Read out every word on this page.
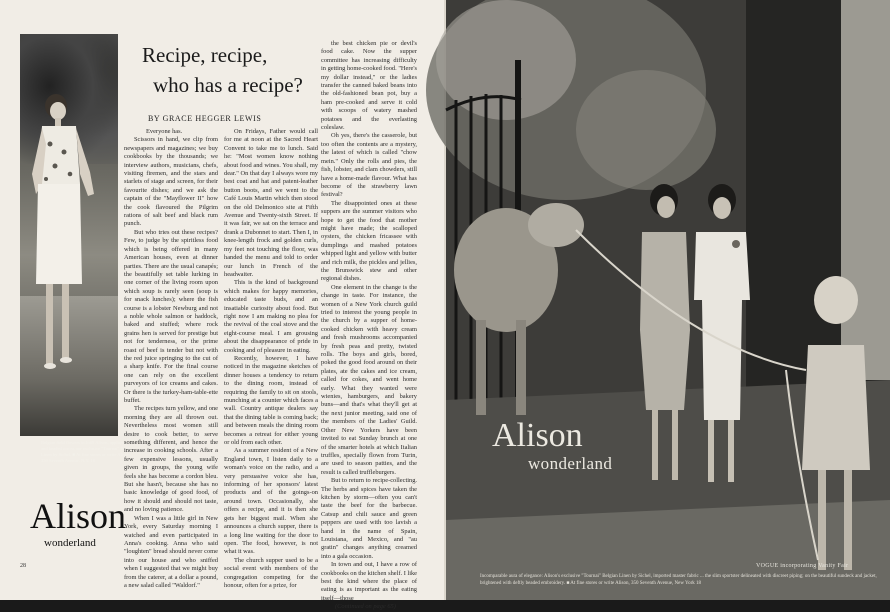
Belgian field flowers in Jo#8 Alison, appliquéd and beaded across our exclusive "Tournai" Belgian Linen by Sichel. ■ At fine stores or write Alison, 350 Seventh Avenue, N.Y. 18
Recipe, recipe,
who has a recipe?
BY GRACE HEGGER LEWIS

Everyone has.

Scissors in hand, we clip from newspapers and magazines; we buy cookbooks by the thousands; we interview authors, musicians, chefs, visiting firemen, and the stars and starlets of stage and screen, for their favourite dishes; and we ask the captain of the "Mayflower II" how the cook flavoured the Pilgrim rations of salt beef and black rum punch.

But who tries out these recipes? Few, to judge by the spiritless food which is being offered in many American houses, even at dinner parties. There are the usual canapés; the beautifully set table lurking in one corner of the living room upon which soup is rarely seen (soup is for snack lunches); where the fish course is a lobster Newburg and not a noble whole salmon or haddock, baked and stuffed; where rock grains hen is served for prestige but not for tenderness, or the prime roast of beef is tender but not with the red juice springing to the cut of a sharp knife. For the final course one can rely on the excellent purveyors of ice creams and cakes. Or there is the turkey-ham-table-ette buffet.

The recipes turn yellow, and one morning they are all thrown out. Nevertheless most women still desire to cook better, to serve something different, and hence the increase in cooking schools. After a few expensive lessons, usually given in groups, the young wife feels she has become a cordon bleu. But she hasn't, because she has no basic knowledge of good food, of how it should and should not taste, and no loving patience.

When I was a little girl in New York, every Saturday morning I watched and even participated in Anna's cooking. Anna who said "loughten" bread should never come into our house and who sniffed when I suggested that we might buy from the caterer, at a dollar a pound, a new salad called "Waldorf."

On Fridays, Father would call for me at noon at the Sacred Heart Convent to take me to lunch. Said he: "Most women know nothing about food and wines. You shall, my dear." On that day I always wore my best coat and hat and patent-leather button boots, and we went to the Café Louis Martin which then stood on the old Delmonico site at Fifth Avenue and Twenty-sixth Street. If it was fair, we sat on the terrace and drank a Dubonnet to start. Then I, in knee-length frock and golden curls, my feet not touching the floor, was handed the menu and told to order our lunch in French of the headwaiter.

This is the kind of background which makes for happy memories, educated taste buds, and an insatiable curiosity about food. But right now I am making no plea for the revival of the coal stove and the eight-course meal. I am grousing about the disappearance of pride in cooking and of pleasure in eating.

Recently, however, I have noticed in the magazine sketches of dinner houses a tendency to return to the dining room, instead of requiring the family to sit on stools, munching at a counter which faces a wall. Country antique dealers say that the dining table is coming back; and between meals the dining room becomes a retreat for either young or old from each other.

As a summer resident of a New England town, I listen daily to a woman's voice on the radio, and a very persuasive voice she has, informing of her sponsors' latest products and of the goings-on around town. Occasionally, she offers a recipe, and it is then she gets her biggest mail. When she announces a church supper, there is a long line waiting for the door to open. The food, however, is not what it was.

The church supper used to be a social event with members of the congregation competing for the honour, often for a prize, for

the best chicken pie or devil's food cake. Now the supper committee has increasing difficulty in getting home-cooked food. "Here's my dollar instead," or the ladies transfer the canned baked beans into the old-fashioned bean pot, buy a ham pre-cooked and serve it cold with scoops of watery mashed potatoes and the everlasting coleslaw.

Oh yes, there's the casserole, but too often the contents are a mystery, the latest of which is called "chow mein." Only the rolls and pies, the fish, lobster, and clam chowders, still have a home-made flavour. What has become of the strawberry lawn festival?

The disappointed ones at these suppers are the summer visitors who hope to get the food that mother might have made; the scalloped oysters, the chicken fricassee with dumplings and mashed potatoes whipped light and yellow with butter and rich milk, the pickles and jellies, the Brunswick stew and other regional dishes.

One element in the change is the change in taste. For instance, the women of a New York church guild tried to interest the young people in the church by a supper of home-cooked chicken with heavy cream and fresh mushrooms accompanied by fresh peas and pretty, twisted rolls. The boys and girls, bored, poked the good food around on their plates, ate the cakes and ice cream, called for cokes, and went home early. What they wanted were wienies, hamburgers, and bakery buns—and that's what they'll get at the next junior meeting, said one of the members of the Ladies' Guild. Other New Yorkers have been invited to eat Sunday brunch at one of the smarter hotels at which Italian truffles, specially flown from Turin, are used to season patties, and the result is called truffleburgers.

But to return to recipe-collecting. The herbs and spices have taken the kitchen by storm—often you can't taste the beef for the barbecue. Catsup and chili sauce and green peppers are used with too lavish a hand in the name of Spain, Louisiana, and Mexico, and "au gratin" changes anything creamed into a gala occasion.

In town and out, I have a row of cookbooks on the kitchen shelf. I like best the kind where the place of eating is as important as the eating itself—those

(Continued on page 65)
Alison
wonderland
28
Alison
wonderland
VOGUE incorporating Vanity Fair
Incomparable aura of elegance: Alison's exclusive "Tournai" Belgian Linen by Sichel, imported master fabric ... the slim sportster delineated with discreet piping; on the beautiful sundeck and jacket, brightened with deftly beaded embroidery. ■ At fine stores or write Alison, 350 Seventh Avenue, New York 18
